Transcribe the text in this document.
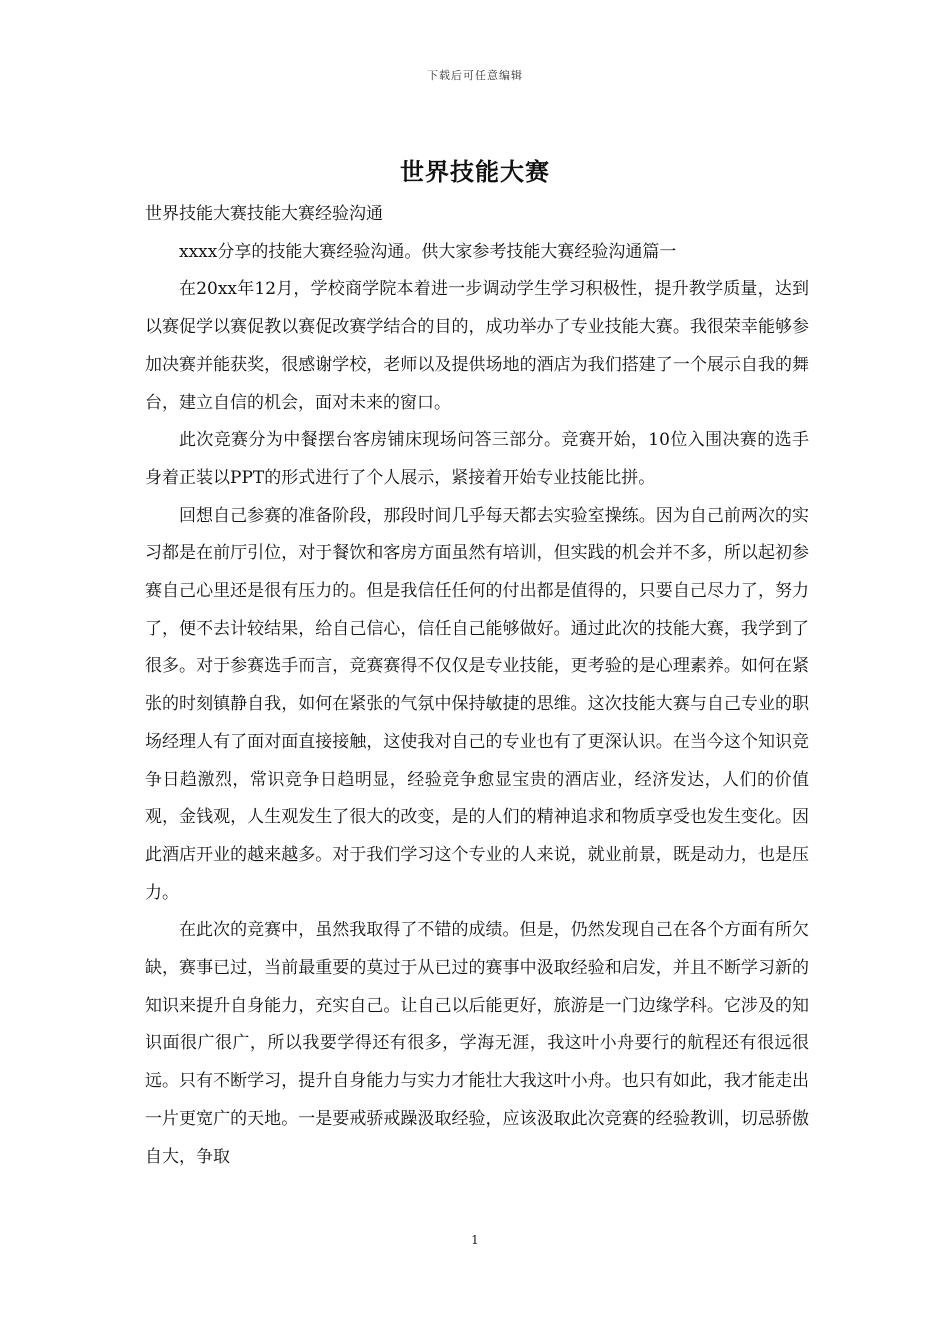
下载后可任意编辑
世界技能大赛

世界技能大赛技能大赛经验沟通

xxxx分享的技能大赛经验沟通。供大家参考技能大赛经验沟通篇一

在20xx年12月，学校商学院本着进一步调动学生学习积极性，提升教学质量，达到以赛促学以赛促教以赛促改赛学结合的目的，成功举办了专业技能大赛。我很荣幸能够参加决赛并能获奖，很感谢学校，老师以及提供场地的酒店为我们搭建了一个展示自我的舞台，建立自信的机会，面对未来的窗口。

此次竞赛分为中餐摆台客房铺床现场问答三部分。竞赛开始，10位入围决赛的选手身着正装以PPT的形式进行了个人展示，紧接着开始专业技能比拼。

回想自己参赛的准备阶段，那段时间几乎每天都去实验室操练。因为自己前两次的实习都是在前厅引位，对于餐饮和客房方面虽然有培训，但实践的机会并不多，所以起初参赛自己心里还是很有压力的。但是我信任任何的付出都是值得的，只要自己尽力了，努力了，便不去计较结果，给自己信心，信任自己能够做好。通过此次的技能大赛，我学到了很多。对于参赛选手而言，竞赛赛得不仅仅是专业技能，更考验的是心理素养。如何在紧张的时刻镇静自我，如何在紧张的气氛中保持敏捷的思维。这次技能大赛与自己专业的职场经理人有了面对面直接接触，这使我对自己的专业也有了更深认识。在当今这个知识竞争日趋激烈，常识竞争日趋明显，经验竞争愈显宝贵的酒店业，经济发达，人们的价值观，金钱观，人生观发生了很大的改变，是的人们的精神追求和物质享受也发生变化。因此酒店开业的越来越多。对于我们学习这个专业的人来说，就业前景，既是动力，也是压力。

在此次的竞赛中，虽然我取得了不错的成绩。但是，仍然发现自己在各个方面有所欠缺，赛事已过，当前最重要的莫过于从已过的赛事中汲取经验和启发，并且不断学习新的知识来提升自身能力，充实自己。让自己以后能更好，旅游是一门边缘学科。它涉及的知识面很广很广，所以我要学得还有很多，学海无涯，我这叶小舟要行的航程还有很远很远。只有不断学习，提升自身能力与实力才能壮大我这叶小舟。也只有如此，我才能走出一片更宽广的天地。一是要戒骄戒躁汲取经验，应该汲取此次竞赛的经验教训，切忌骄傲自大，争取

1
